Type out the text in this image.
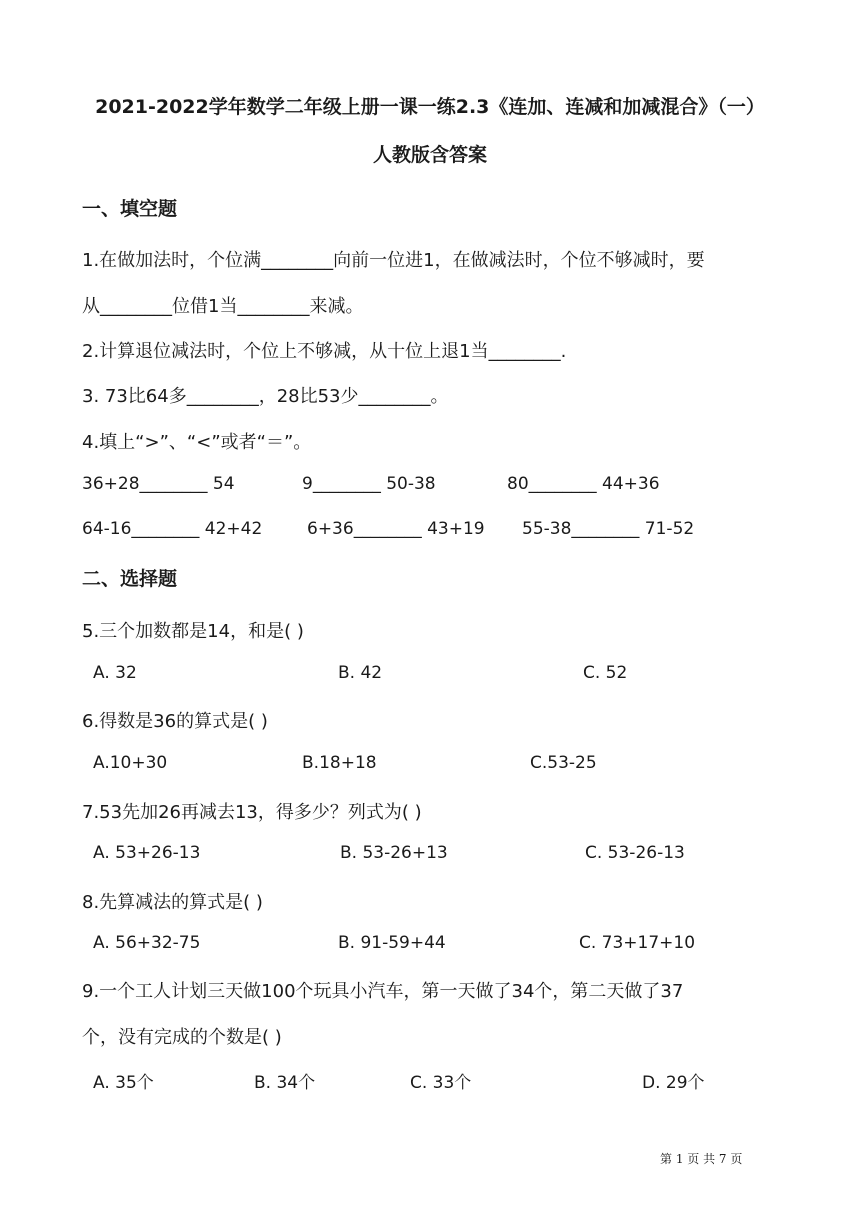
2021-2022学年数学二年级上册一课一练2.3《连加、连减和加减混合》（一）
人教版含答案
一、填空题
1.在做加法时，个位满________向前一位进1，在做减法时，个位不够减时，要
从________位借1当________来减。
2.计算退位减法时，个位上不够减，从十位上退1当________.
3. 73比64多________，28比53少________。
4.填上“>”、“<”或者“＝”。
36+28________ 54	9________ 50-38	80________ 44+36
64-16________ 42+42	6+36________ 43+19 55-38________ 71-52
二、选择题
5.三个加数都是14，和是( )
A. 32	B. 42	C. 52
6.得数是36的算式是( )
A.10+30	B.18+18	C.53-25
7.53先加26再减去13，得多少？列式为( )
A. 53+26-13	B. 53-26+13	C. 53-26-13
8.先算减法的算式是( )
A. 56+32-75	B. 91-59+44	C. 73+17+10
9.一个工人计划三天做100个玩具小汽车，第一天做了34个，第二天做了37
个，没有完成的个数是( )
A. 35个	B. 34个	C. 33个	D. 29个
第 1 页 共 7 页
